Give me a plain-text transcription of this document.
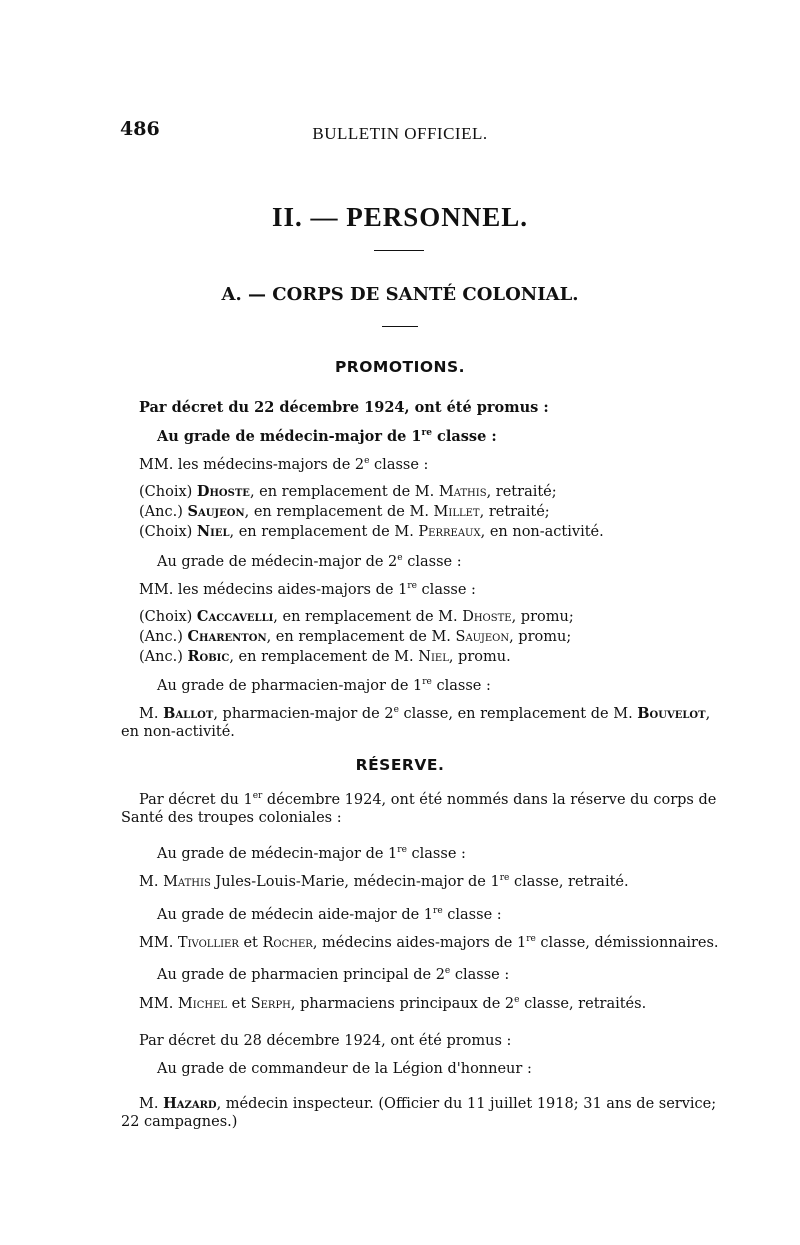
486	BULLETIN OFFICIEL.
II. — PERSONNEL.
A. — CORPS DE SANTÉ COLONIAL.
PROMOTIONS.
Par décret du 22 décembre 1924, ont été promus :
Au grade de médecin-major de 1re classe :
MM. les médecins-majors de 2e classe :
(Choix) Dhoste, en remplacement de M. Mathis, retraité;
(Anc.) Saujeon, en remplacement de M. Millet, retraité;
(Choix) Niel, en remplacement de M. Perreaux, en non-activité.
Au grade de médecin-major de 2e classe :
MM. les médecins aides-majors de 1re classe :
(Choix) Caccavelli, en remplacement de M. Dhoste, promu;
(Anc.) Charenton, en remplacement de M. Saujeon, promu;
(Anc.) Robic, en remplacement de M. Niel, promu.
Au grade de pharmacien-major de 1re classe :
M. Ballot, pharmacien-major de 2e classe, en remplacement de M. Bouvelot,
en non-activité.
RÉSERVE.
Par décret du 1er décembre 1924, ont été nommés dans la réserve du corps de
Santé des troupes coloniales :
Au grade de médecin-major de 1re classe :
M. Mathis Jules-Louis-Marie, médecin-major de 1re classe, retraité.
Au grade de médecin aide-major de 1re classe :
MM. Tivollier et Rocher, médecins aides-majors de 1re classe, démissionnaires.
Au grade de pharmacien principal de 2e classe :
MM. Michel et Serph, pharmaciens principaux de 2e classe, retraités.
Par décret du 28 décembre 1924, ont été promus :
Au grade de commandeur de la Légion d'honneur :
M. Hazard, médecin inspecteur. (Officier du 11 juillet 1918; 31 ans de service;
22 campagnes.)
